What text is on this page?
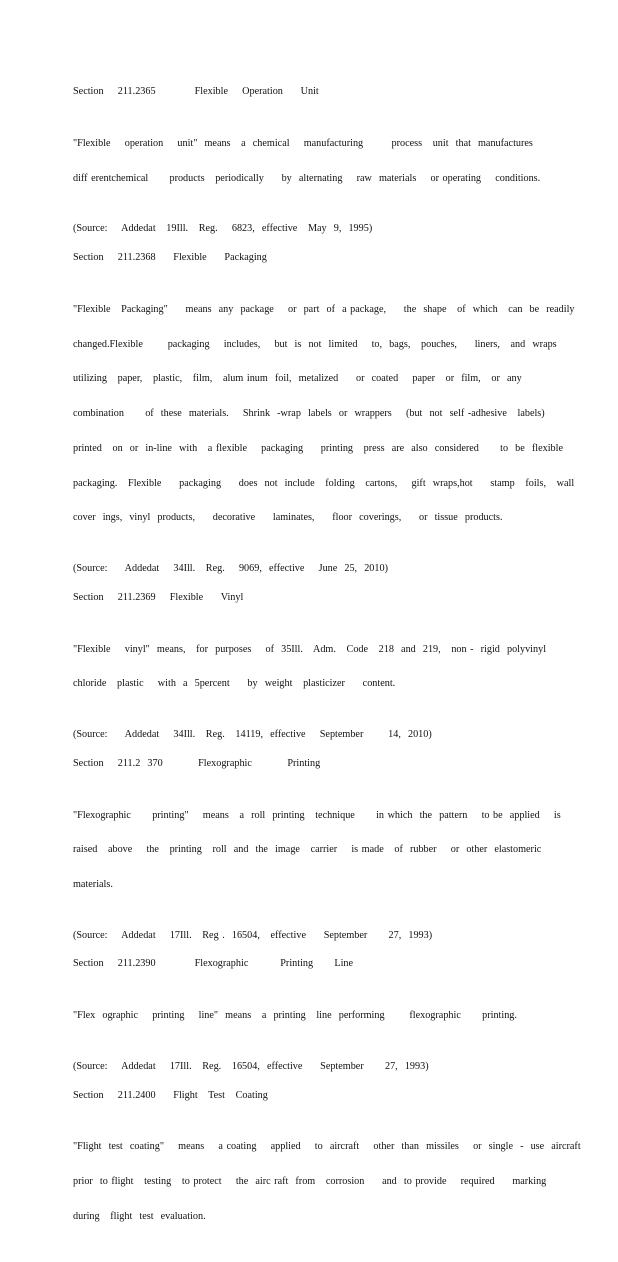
Section    211.2365           Flexible    Operation     Unit

"Flexible    operation    unit"  means   a  chemical    manufacturing        process   unit  that  manufactures

diff erentchemical      products   periodically     by  alternating    raw  materials    or operating    conditions.

(Source:    Addedat   19Ill.   Reg.    6823,  effective   May  9,  1995)
Section    211.2368     Flexible     Packaging

"Flexible   Packaging"     means  any  package    or  part  of  a package,     the  shape   of  which   can  be  readily

changed.Flexible       packaging    includes,    but  is  not  limited    to,  bags,   pouches,     liners,   and  wraps

utilizing   paper,   plastic,   film,   alum inum  foil,  metalized     or  coated    paper   or  film,   or  any

combination      of  these  materials.    Shrink  -wrap  labels  or  wrappers    (but  not  self -adhesive   labels)

printed   on  or  in-line  with   a flexible    packaging     printing   press  are  also  considered      to  be  flexible

packaging.   Flexible     packaging     does  not  include   folding   cartons,    gift  wraps,hot     stamp   foils,   wall

cover  ings,  vinyl  products,     decorative     laminates,     floor  coverings,     or  tissue  products.

(Source:     Addedat    34Ill.   Reg.    9069,  effective    June  25,  2010)
Section    211.2369    Flexible     Vinyl

"Flexible    vinyl"  means,   for  purposes    of  35Ill.   Adm.   Code   218  and  219,   non -  rigid  polyvinyl

chloride   plastic    with  a  5percent     by  weight   plasticizer     content.

(Source:     Addedat    34Ill.   Reg.   14119,  effective    September       14,  2010)
Section    211.2  370          Flexographic          Printing

"Flexographic      printing"    means   a  roll  printing   technique      in which  the  pattern    to be  applied    is

raised   above    the   printing   roll  and  the  image   carrier    is made   of  rubber    or  other  elastomeric

materials.

(Source:    Addedat    17Ill.   Reg .  16504,   effective     September      27,  1993)
Section    211.2390           Flexographic         Printing      Line

"Flex  ographic    printing    line"  means   a  printing   line  performing       flexographic      printing.

(Source:    Addedat    17Ill.   Reg.   16504,  effective     September      27,  1993)
Section    211.2400     Flight   Test   Coating

"Flight  test  coating"    means    a coating    applied    to  aircraft    other  than  missiles    or  single  -  use  aircraft

prior  to flight   testing   to protect    the  airc raft  from   corrosion     and  to provide    required     marking

during   flight  test  evaluation.
